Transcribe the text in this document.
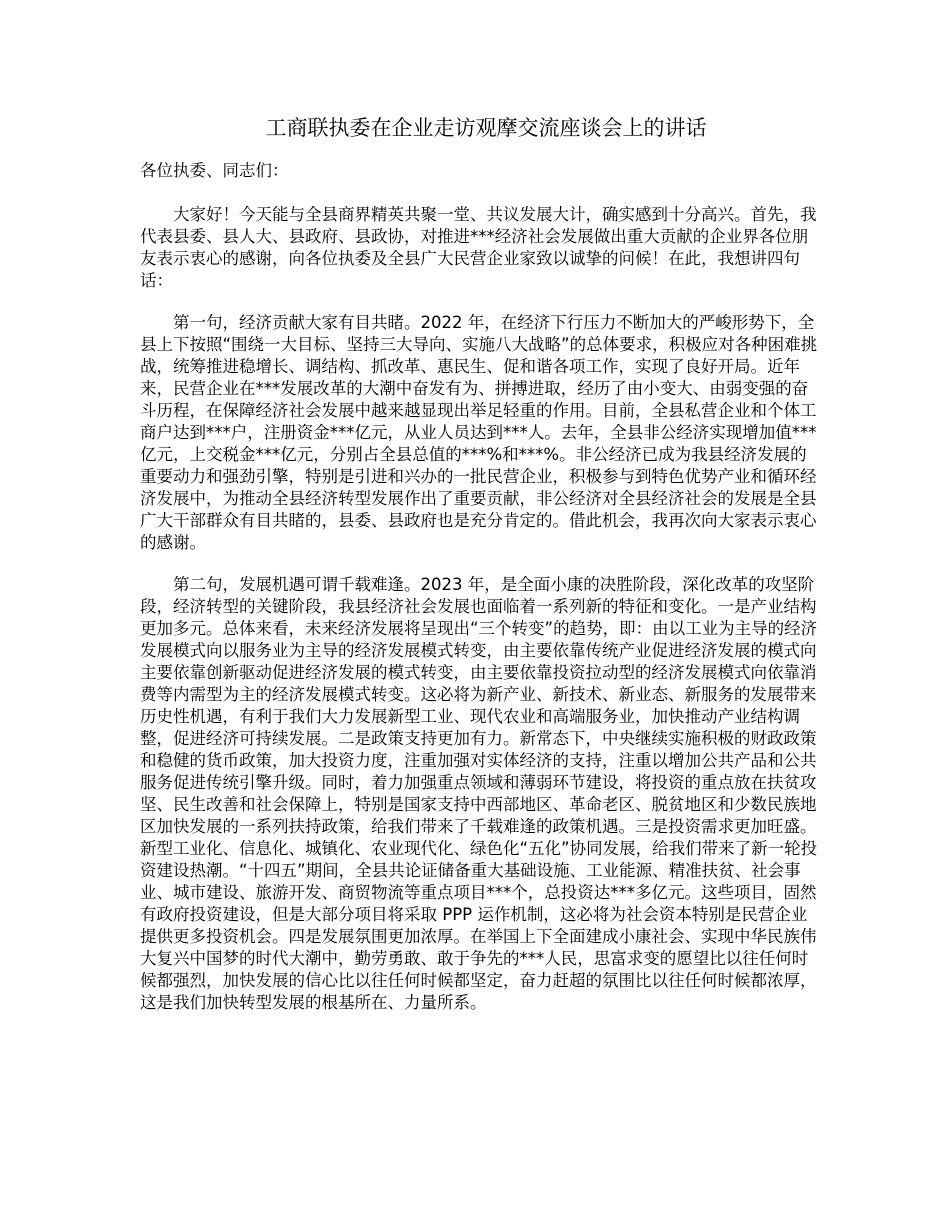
工商联执委在企业走访观摩交流座谈会上的讲话

各位执委、同志们：

大家好！今天能与全县商界精英共聚一堂、共议发展大计，确实感到十分高兴。首先，我代表县委、县人大、县政府、县政协，对推进***经济社会发展做出重大贡献的企业界各位朋友表示衷心的感谢，向各位执委及全县广大民营企业家致以诚挚的问候！在此，我想讲四句话：

第一句，经济贡献大家有目共睹。2022 年，在经济下行压力不断加大的严峻形势下，全县上下按照“围绕一大目标、坚持三大导向、实施八大战略”的总体要求，积极应对各种困难挑战，统筹推进稳增长、调结构、抓改革、惠民生、促和谐各项工作，实现了良好开局。近年来，民营企业在***发展改革的大潮中奋发有为、拼搏进取，经历了由小变大、由弱变强的奋斗历程，在保障经济社会发展中越来越显现出举足轻重的作用。目前，全县私营企业和个体工商户达到***户，注册资金***亿元，从业人员达到***人。去年，全县非公经济实现增加值***亿元，上交税金***亿元，分别占全县总值的***%和***%。非公经济已成为我县经济发展的重要动力和强劲引擎，特别是引进和兴办的一批民营企业，积极参与到特色优势产业和循环经济发展中，为推动全县经济转型发展作出了重要贡献，非公经济对全县经济社会的发展是全县广大干部群众有目共睹的，县委、县政府也是充分肯定的。借此机会，我再次向大家表示衷心的感谢。

第二句，发展机遇可谓千载难逢。2023 年，是全面小康的决胜阶段，深化改革的攻坚阶段，经济转型的关键阶段，我县经济社会发展也面临着一系列新的特征和变化。一是产业结构更加多元。总体来看，未来经济发展将呈现出“三个转变”的趋势，即：由以工业为主导的经济发展模式向以服务业为主导的经济发展模式转变，由主要依靠传统产业促进经济发展的模式向主要依靠创新驱动促进经济发展的模式转变，由主要依靠投资拉动型的经济发展模式向依靠消费等内需型为主的经济发展模式转变。这必将为新产业、新技术、新业态、新服务的发展带来历史性机遇，有利于我们大力发展新型工业、现代农业和高端服务业，加快推动产业结构调整，促进经济可持续发展。二是政策支持更加有力。新常态下，中央继续实施积极的财政政策和稳健的货币政策，加大投资力度，注重加强对实体经济的支持，注重以增加公共产品和公共服务促进传统引擎升级。同时，着力加强重点领域和薄弱环节建设，将投资的重点放在扶贫攻坚、民生改善和社会保障上，特别是国家支持中西部地区、革命老区、脱贫地区和少数民族地区加快发展的一系列扶持政策，给我们带来了千载难逢的政策机遇。三是投资需求更加旺盛。新型工业化、信息化、城镇化、农业现代化、绿色化“五化”协同发展，给我们带来了新一轮投资建设热潮。“十四五”期间，全县共论证储备重大基础设施、工业能源、精准扶贫、社会事业、城市建设、旅游开发、商贸物流等重点项目***个，总投资达***多亿元。这些项目，固然有政府投资建设，但是大部分项目将采取 PPP 运作机制，这必将为社会资本特别是民营企业提供更多投资机会。四是发展氛围更加浓厚。在举国上下全面建成小康社会、实现中华民族伟大复兴中国梦的时代大潮中，勤劳勇敢、敢于争先的***人民，思富求变的愿望比以往任何时候都强烈，加快发展的信心比以往任何时候都坚定，奋力赶超的氛围比以往任何时候都浓厚，这是我们加快转型发展的根基所在、力量所系。
